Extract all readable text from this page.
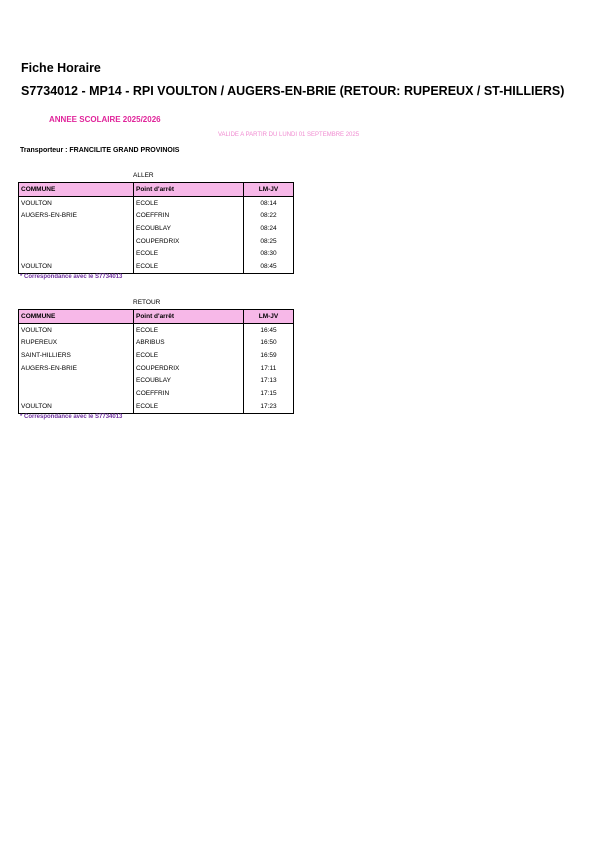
Fiche Horaire
S7734012 - MP14 - RPI VOULTON / AUGERS-EN-BRIE (RETOUR: RUPEREUX / ST-HILLIERS)
ANNEE SCOLAIRE 2025/2026
VALIDE A PARTIR DU LUNDI 01 SEPTEMBRE 2025
Transporteur : FRANCILITE GRAND PROVINOIS
ALLER
COMMUNE	Point d'arrêt	LM-JV
VOULTON	ECOLE	08:14
AUGERS-EN-BRIE	COEFFRIN	08:22
	ECOUBLAY	08:24
	COUPERDRIX	08:25
	ECOLE	08:30
VOULTON	ECOLE	08:45
* Correspondance avec le S7734013
RETOUR
COMMUNE	Point d'arrêt	LM-JV
VOULTON	ECOLE	16:45
RUPEREUX	ABRIBUS	16:50
SAINT-HILLIERS	ECOLE	16:59
AUGERS-EN-BRIE	COUPERDRIX	17:11
	ECOUBLAY	17:13
	COEFFRIN	17:15
VOULTON	ECOLE	17:23
* Correspondance avec le S7734013
